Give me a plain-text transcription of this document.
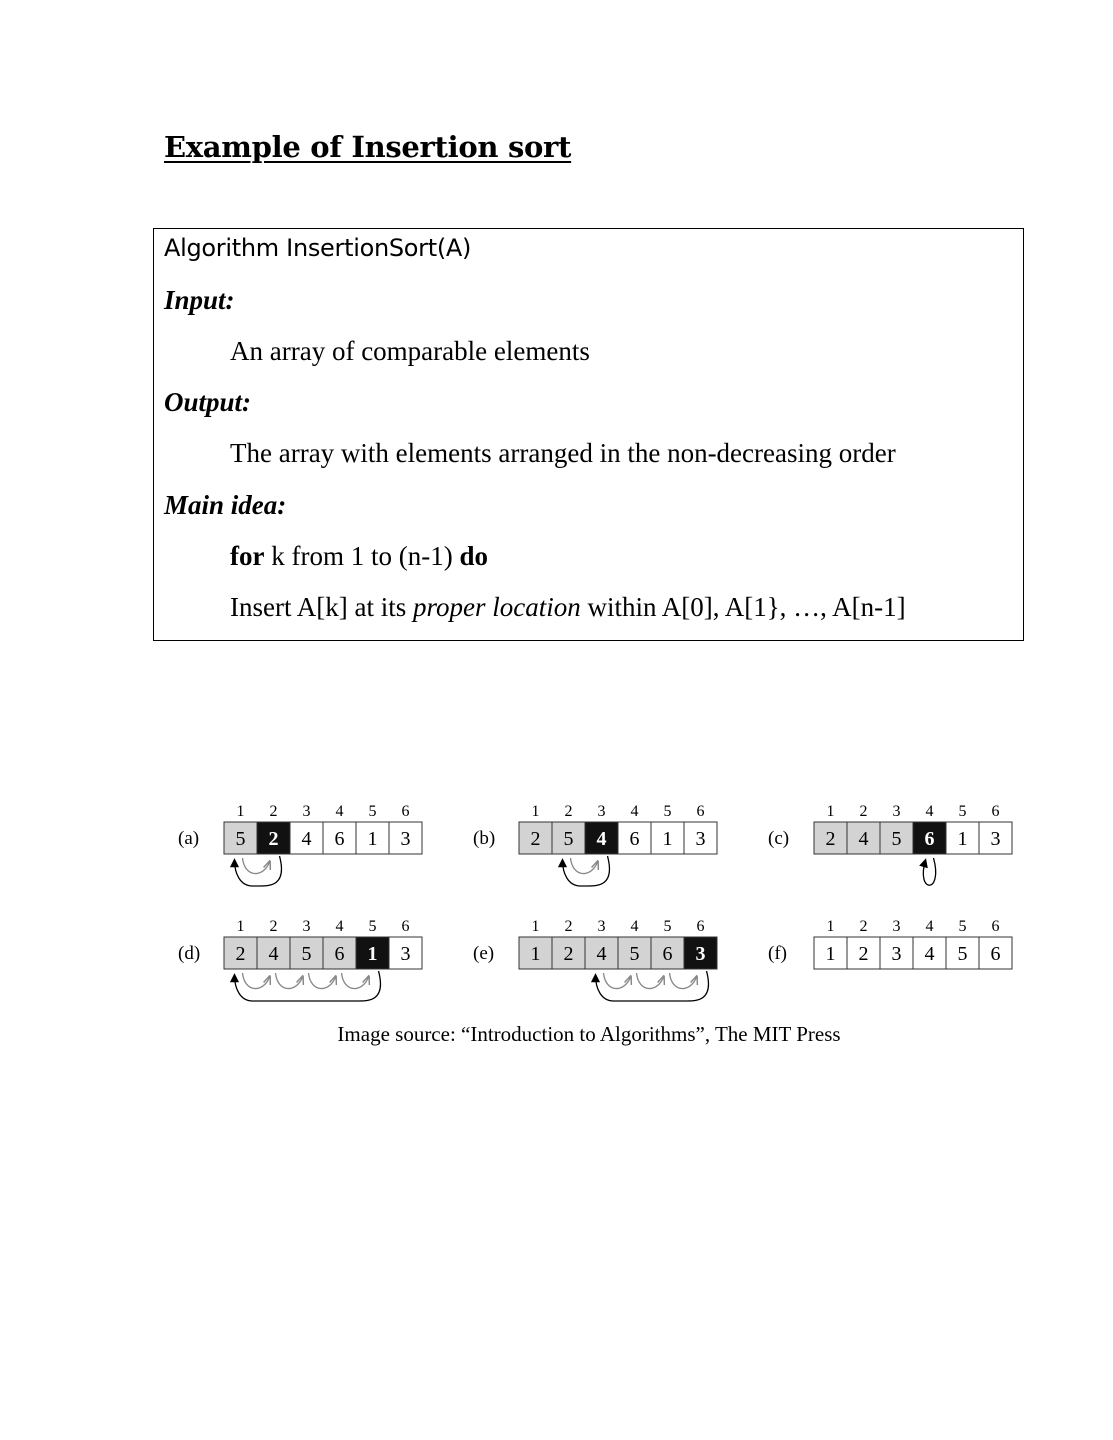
Example of Insertion sort
Algorithm InsertionSort(A)
Input:
An array of comparable elements
Output:
The array with elements arranged in the non-decreasing order
Main idea:
for k from 1 to (n-1) do
Insert A[k] at its proper location within A[0], A[1}, …, A[n-1]
(a) 5
1
2
2
4
3
6
4
1
5
3
6
(b) 2
1
5
2
4
3
6
4
1
5
3
6
(c) 2
1
4
2
5
3
6
4
1
5
3
6
(d) 2
1
4
2
5
3
6
4
1
5
3
6
(e) 1
1
2
2
4
3
5
4
6
5
3
6
(f) 1
1
2
2
3
3
4
4
5
5
6
6
Image source: “Introduction to Algorithms”, The MIT Press
